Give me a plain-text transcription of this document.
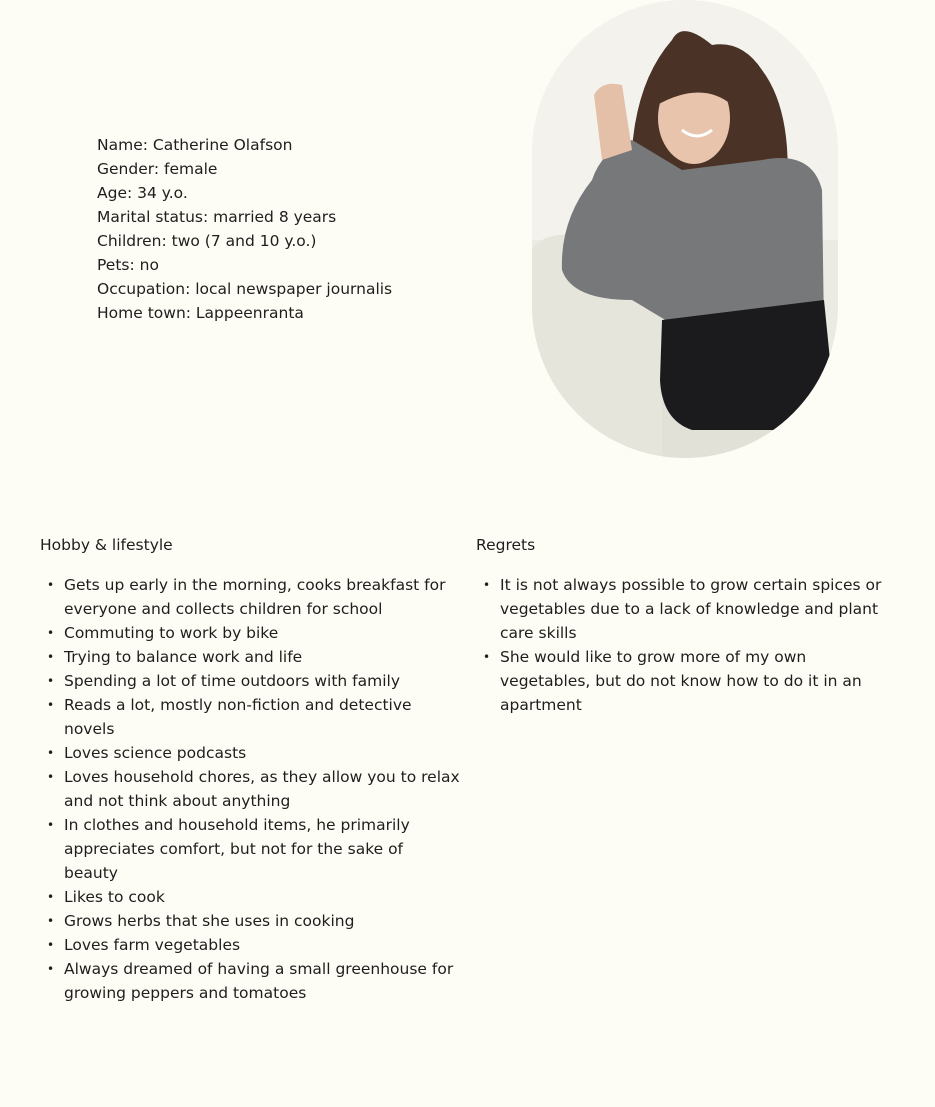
Name: Catherine Olafson
Gender: female
Age: 34 y.o.
Marital status: married 8 years
Children: two (7 and 10 y.o.)
Pets: no
Occupation: local newspaper journalis
Home town: Lappeenranta
Hobby & lifestyle
• Gets up early in the morning, cooks breakfast for everyone and collects children for school
• Commuting to work by bike
• Trying to balance work and life
• Spending a lot of time outdoors with family
• Reads a lot, mostly non-fiction and detective novels
• Loves science podcasts
• Loves household chores, as they allow you to relax and not think about anything
• In clothes and household items, he primarily appreciates comfort, but not for the sake of beauty
• Likes to cook
• Grows herbs that she uses in cooking
• Loves farm vegetables
• Always dreamed of having a small greenhouse for growing peppers and tomatoes
Regrets
• It is not always possible to grow certain spices or vegetables due to a lack of knowledge and plant care skills
• She would like to grow more of my own vegetables, but do not know how to do it in an apartment
